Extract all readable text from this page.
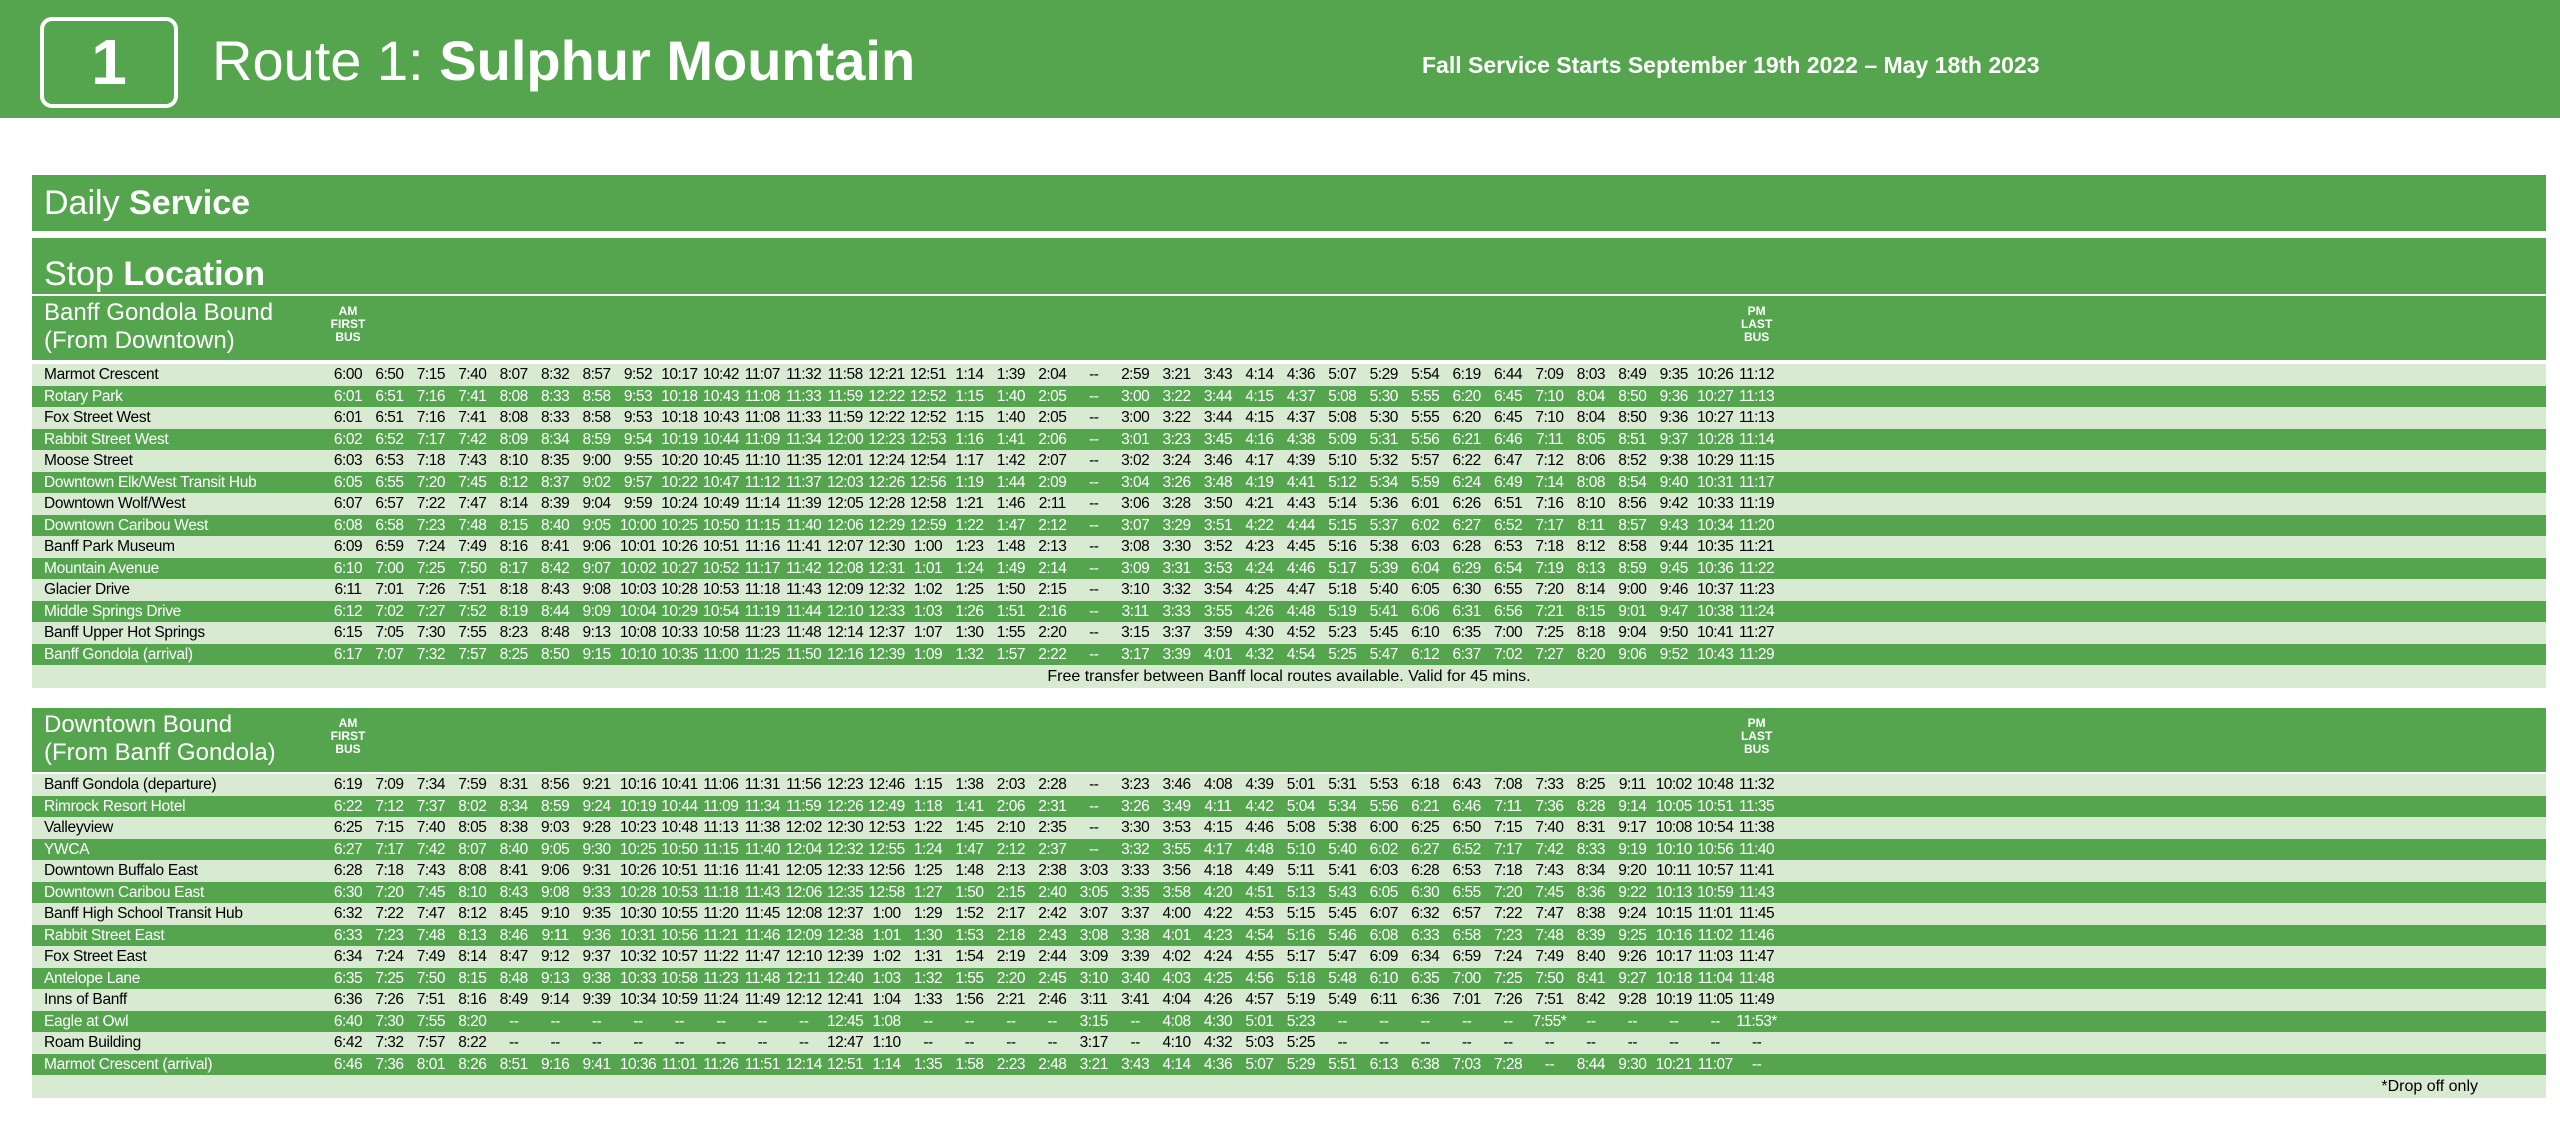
1	Route 1: Sulphur Mountain	Fall Service Starts September 19th 2022 – May 18th 2023
Daily Service
Stop Location
Banff Gondola Bound
(From Downtown)
AM
FIRST
BUS
PM
LAST
BUS
Marmot Crescent	6:00 6:50 7:15 7:40 8:07 8:32 8:57 9:52 10:17 10:42 11:07 11:32 11:58 12:21 12:51 1:14 1:39 2:04	--	2:59 3:21 3:43 4:14 4:36 5:07 5:29 5:54 6:19 6:44 7:09 8:03 8:49 9:35 10:26 11:12
Rotary Park	6:01 6:51 7:16 7:41 8:08 8:33 8:58 9:53 10:18 10:43 11:08 11:33 11:59 12:22 12:52 1:15 1:40 2:05	--	3:00 3:22 3:44 4:15 4:37 5:08 5:30 5:55 6:20 6:45 7:10 8:04 8:50 9:36 10:27 11:13
Fox Street West	6:01 6:51 7:16 7:41 8:08 8:33 8:58 9:53 10:18 10:43 11:08 11:33 11:59 12:22 12:52 1:15 1:40 2:05	--	3:00 3:22 3:44 4:15 4:37 5:08 5:30 5:55 6:20 6:45 7:10 8:04 8:50 9:36 10:27 11:13
Rabbit Street West	6:02 6:52 7:17 7:42 8:09 8:34 8:59 9:54 10:19 10:44 11:09 11:34 12:00 12:23 12:53 1:16 1:41 2:06	--	3:01 3:23 3:45 4:16 4:38 5:09 5:31 5:56 6:21 6:46 7:11 8:05 8:51 9:37 10:28 11:14
Moose Street	6:03 6:53 7:18 7:43 8:10 8:35 9:00 9:55 10:20 10:45 11:10 11:35 12:01 12:24 12:54 1:17 1:42 2:07	--	3:02 3:24 3:46 4:17 4:39 5:10 5:32 5:57 6:22 6:47 7:12 8:06 8:52 9:38 10:29 11:15
Downtown Elk/West Transit Hub	6:05 6:55 7:20 7:45 8:12 8:37 9:02 9:57 10:22 10:47 11:12 11:37 12:03 12:26 12:56 1:19 1:44 2:09	--	3:04 3:26 3:48 4:19 4:41 5:12 5:34 5:59 6:24 6:49 7:14 8:08 8:54 9:40 10:31 11:17
Downtown Wolf/West	6:07 6:57 7:22 7:47 8:14 8:39 9:04 9:59 10:24 10:49 11:14 11:39 12:05 12:28 12:58 1:21 1:46 2:11	--	3:06 3:28 3:50 4:21 4:43 5:14 5:36 6:01 6:26 6:51 7:16 8:10 8:56 9:42 10:33 11:19
Downtown Caribou West	6:08 6:58 7:23 7:48 8:15 8:40 9:05 10:00 10:25 10:50 11:15 11:40 12:06 12:29 12:59 1:22 1:47 2:12	--	3:07 3:29 3:51 4:22 4:44 5:15 5:37 6:02 6:27 6:52 7:17 8:11 8:57 9:43 10:34 11:20
Banff Park Museum	6:09 6:59 7:24 7:49 8:16 8:41 9:06 10:01 10:26 10:51 11:16 11:41 12:07 12:30 1:00 1:23 1:48 2:13	--	3:08 3:30 3:52 4:23 4:45 5:16 5:38 6:03 6:28 6:53 7:18 8:12 8:58 9:44 10:35 11:21
Mountain Avenue	6:10 7:00 7:25 7:50 8:17 8:42 9:07 10:02 10:27 10:52 11:17 11:42 12:08 12:31 1:01 1:24 1:49 2:14	--	3:09 3:31 3:53 4:24 4:46 5:17 5:39 6:04 6:29 6:54 7:19 8:13 8:59 9:45 10:36 11:22
Glacier Drive	6:11 7:01 7:26 7:51 8:18 8:43 9:08 10:03 10:28 10:53 11:18 11:43 12:09 12:32 1:02 1:25 1:50 2:15	--	3:10 3:32 3:54 4:25 4:47 5:18 5:40 6:05 6:30 6:55 7:20 8:14 9:00 9:46 10:37 11:23
Middle Springs Drive	6:12 7:02 7:27 7:52 8:19 8:44 9:09 10:04 10:29 10:54 11:19 11:44 12:10 12:33 1:03 1:26 1:51 2:16	--	3:11 3:33 3:55 4:26 4:48 5:19 5:41 6:06 6:31 6:56 7:21 8:15 9:01 9:47 10:38 11:24
Banff Upper Hot Springs	6:15 7:05 7:30 7:55 8:23 8:48 9:13 10:08 10:33 10:58 11:23 11:48 12:14 12:37 1:07 1:30 1:55 2:20	--	3:15 3:37 3:59 4:30 4:52 5:23 5:45 6:10 6:35 7:00 7:25 8:18 9:04 9:50 10:41 11:27
Banff Gondola (arrival)	6:17 7:07 7:32 7:57 8:25 8:50 9:15 10:10 10:35 11:00 11:25 11:50 12:16 12:39 1:09 1:32 1:57 2:22	--	3:17 3:39 4:01 4:32 4:54 5:25 5:47 6:12 6:37 7:02 7:27 8:20 9:06 9:52 10:43 11:29
Free transfer between Banff local routes available. Valid for 45 mins.
Downtown Bound
(From Banff Gondola)
AM
FIRST
BUS
PM
LAST
BUS
Banff Gondola (departure)	6:19 7:09 7:34 7:59 8:31 8:56 9:21 10:16 10:41 11:06 11:31 11:56 12:23 12:46 1:15 1:38 2:03 2:28	--	3:23 3:46 4:08 4:39 5:01 5:31 5:53 6:18 6:43 7:08 7:33 8:25 9:11 10:02 10:48 11:32
Rimrock Resort Hotel	6:22 7:12 7:37 8:02 8:34 8:59 9:24 10:19 10:44 11:09 11:34 11:59 12:26 12:49 1:18 1:41 2:06 2:31	--	3:26 3:49 4:11 4:42 5:04 5:34 5:56 6:21 6:46 7:11 7:36 8:28 9:14 10:05 10:51 11:35
Valleyview	6:25 7:15 7:40 8:05 8:38 9:03 9:28 10:23 10:48 11:13 11:38 12:02 12:30 12:53 1:22 1:45 2:10 2:35	--	3:30 3:53 4:15 4:46 5:08 5:38 6:00 6:25 6:50 7:15 7:40 8:31 9:17 10:08 10:54 11:38
YWCA	6:27 7:17 7:42 8:07 8:40 9:05 9:30 10:25 10:50 11:15 11:40 12:04 12:32 12:55 1:24 1:47 2:12 2:37	--	3:32 3:55 4:17 4:48 5:10 5:40 6:02 6:27 6:52 7:17 7:42 8:33 9:19 10:10 10:56 11:40
Downtown Buffalo East	6:28 7:18 7:43 8:08 8:41 9:06 9:31 10:26 10:51 11:16 11:41 12:05 12:33 12:56 1:25 1:48 2:13 2:38 3:03 3:33 3:56 4:18 4:49 5:11 5:41 6:03 6:28 6:53 7:18 7:43 8:34 9:20 10:11 10:57 11:41
Downtown Caribou East	6:30 7:20 7:45 8:10 8:43 9:08 9:33 10:28 10:53 11:18 11:43 12:06 12:35 12:58 1:27 1:50 2:15 2:40 3:05 3:35 3:58 4:20 4:51 5:13 5:43 6:05 6:30 6:55 7:20 7:45 8:36 9:22 10:13 10:59 11:43
Banff High School Transit Hub	6:32 7:22 7:47 8:12 8:45 9:10 9:35 10:30 10:55 11:20 11:45 12:08 12:37 1:00 1:29 1:52 2:17 2:42 3:07 3:37 4:00 4:22 4:53 5:15 5:45 6:07 6:32 6:57 7:22 7:47 8:38 9:24 10:15 11:01 11:45
Rabbit Street East	6:33 7:23 7:48 8:13 8:46 9:11 9:36 10:31 10:56 11:21 11:46 12:09 12:38 1:01 1:30 1:53 2:18 2:43 3:08 3:38 4:01 4:23 4:54 5:16 5:46 6:08 6:33 6:58 7:23 7:48 8:39 9:25 10:16 11:02 11:46
Fox Street East	6:34 7:24 7:49 8:14 8:47 9:12 9:37 10:32 10:57 11:22 11:47 12:10 12:39 1:02 1:31 1:54 2:19 2:44 3:09 3:39 4:02 4:24 4:55 5:17 5:47 6:09 6:34 6:59 7:24 7:49 8:40 9:26 10:17 11:03 11:47
Antelope Lane	6:35 7:25 7:50 8:15 8:48 9:13 9:38 10:33 10:58 11:23 11:48 12:11 12:40 1:03 1:32 1:55 2:20 2:45 3:10 3:40 4:03 4:25 4:56 5:18 5:48 6:10 6:35 7:00 7:25 7:50 8:41 9:27 10:18 11:04 11:48
Inns of Banff	6:36 7:26 7:51 8:16 8:49 9:14 9:39 10:34 10:59 11:24 11:49 12:12 12:41 1:04 1:33 1:56 2:21 2:46 3:11 3:41 4:04 4:26 4:57 5:19 5:49 6:11 6:36 7:01 7:26 7:51 8:42 9:28 10:19 11:05 11:49
Eagle at Owl	6:40 7:30 7:55 8:20	--	--	--	--	--	--	--	--	12:45 1:08	--	--	--	--	3:15	--	4:08 4:30 5:01 5:23	--	--	--	--	--	7:55*	--	--	--	--	11:53*
Roam Building	6:42 7:32 7:57 8:22	--	--	--	--	--	--	--	--	12:47 1:10	--	--	--	--	3:17	--	4:10 4:32 5:03 5:25	--	--	--	--	--	--	--	--	--	--	--
Marmot Crescent (arrival)	6:46 7:36 8:01 8:26 8:51 9:16 9:41 10:36 11:01 11:26 11:51 12:14 12:51 1:14 1:35 1:58 2:23 2:48 3:21 3:43 4:14 4:36 5:07 5:29 5:51 6:13 6:38 7:03 7:28	--	8:44 9:30 10:21 11:07	--
*Drop off only
